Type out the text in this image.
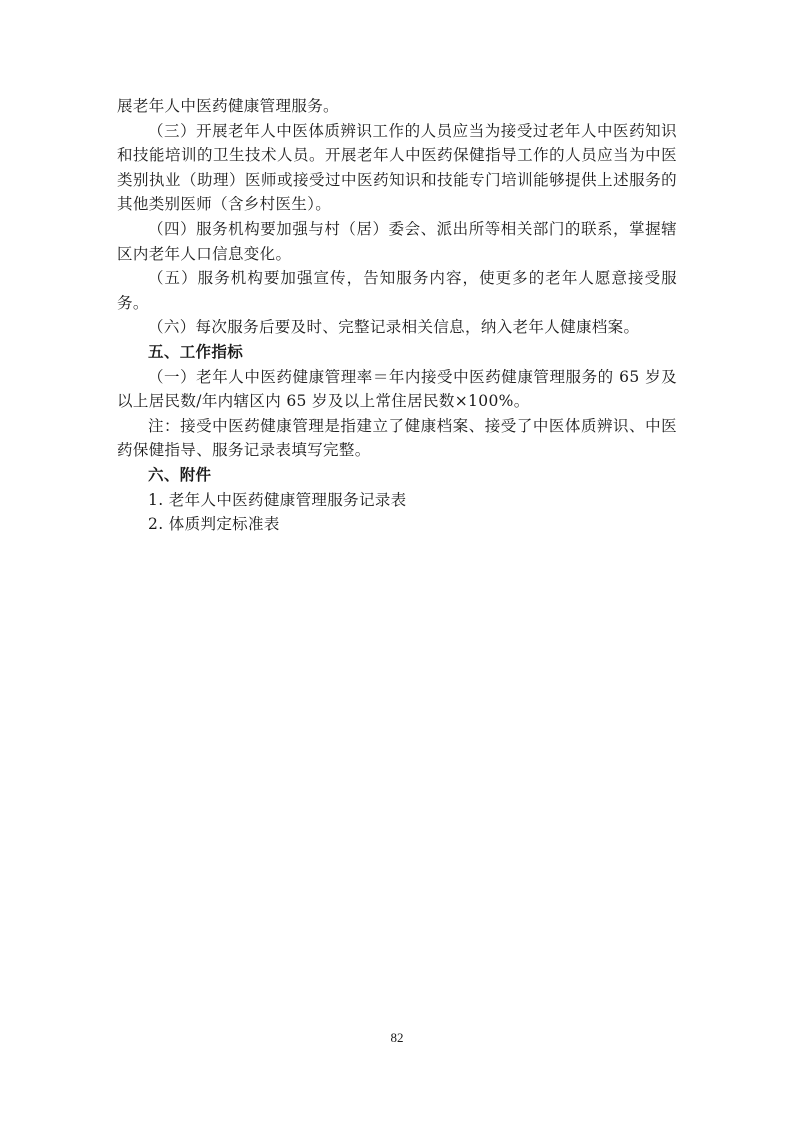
展老年人中医药健康管理服务。

（三）开展老年人中医体质辨识工作的人员应当为接受过老年人中医药知识和技能培训的卫生技术人员。开展老年人中医药保健指导工作的人员应当为中医类别执业（助理）医师或接受过中医药知识和技能专门培训能够提供上述服务的其他类别医师（含乡村医生）。

（四）服务机构要加强与村（居）委会、派出所等相关部门的联系，掌握辖区内老年人口信息变化。

（五）服务机构要加强宣传，告知服务内容，使更多的老年人愿意接受服务。

（六）每次服务后要及时、完整记录相关信息，纳入老年人健康档案。

五、工作指标

（一）老年人中医药健康管理率＝年内接受中医药健康管理服务的 65 岁及以上居民数/年内辖区内 65 岁及以上常住居民数×100%。

注：接受中医药健康管理是指建立了健康档案、接受了中医体质辨识、中医药保健指导、服务记录表填写完整。

六、附件

1. 老年人中医药健康管理服务记录表

2. 体质判定标准表

82
